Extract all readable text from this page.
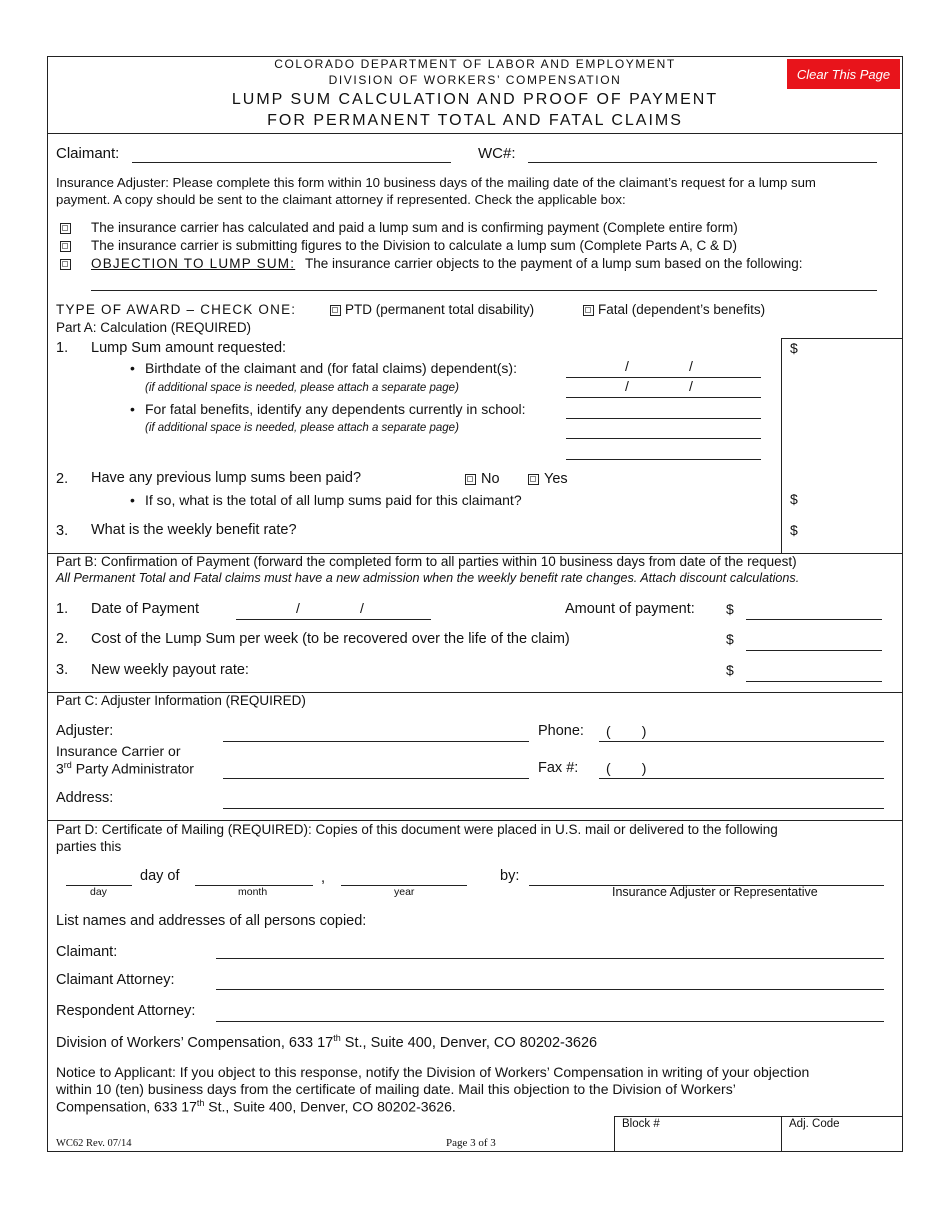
COLORADO DEPARTMENT OF LABOR AND EMPLOYMENT
DIVISION OF WORKERS’ COMPENSATION
LUMP SUM CALCULATION AND PROOF OF PAYMENT
FOR PERMANENT TOTAL AND FATAL CLAIMS
Clear This Page
Claimant:	WC#:
Insurance Adjuster: Please complete this form within 10 business days of the mailing date of the claimant’s request for a lump sum
payment. A copy should be sent to the claimant attorney if represented. Check the applicable box:
The insurance carrier has calculated and paid a lump sum and is confirming payment (Complete entire form)
The insurance carrier is submitting figures to the Division to calculate a lump sum (Complete Parts A, C & D)
OBJECTION TO LUMP SUM: The insurance carrier objects to the payment of a lump sum based on the following:
TYPE OF AWARD – CHECK ONE:	PTD (permanent total disability)	Fatal (dependent’s benefits)
Part A: Calculation (REQUIRED)
1. Lump Sum amount requested:	$
• Birthdate of the claimant and (for fatal claims) dependent(s):
(if additional space is needed, please attach a separate page)
/	/
/	/
• For fatal benefits, identify any dependents currently in school:
(if additional space is needed, please attach a separate page)
2. Have any previous lump sums been paid?	No	Yes
• If so, what is the total of all lump sums paid for this claimant?	$
3. What is the weekly benefit rate?	$
Part B: Confirmation of Payment (forward the completed form to all parties within 10 business days from date of the request)
All Permanent Total and Fatal claims must have a new admission when the weekly benefit rate changes. Attach discount calculations.
1. Date of Payment	/	/	Amount of payment: $
2. Cost of the Lump Sum per week (to be recovered over the life of the claim)	$
3. New weekly payout rate:	$
Part C: Adjuster Information (REQUIRED)
Adjuster:	Phone: (        )
Insurance Carrier or
3rd Party Administrator	Fax #: (        )
Address:
Part D: Certificate of Mailing (REQUIRED): Copies of this document were placed in U.S. mail or delivered to the following
parties this
day
day of
month
,
year
by:
Insurance Adjuster or Representative
List names and addresses of all persons copied:
Claimant:
Claimant Attorney:
Respondent Attorney:
Division of Workers’ Compensation, 633 17th St., Suite 400, Denver, CO 80202-3626
Notice to Applicant: If you object to this response, notify the Division of Workers’ Compensation in writing of your objection
within 10 (ten) business days from the certificate of mailing date. Mail this objection to the Division of Workers’
Compensation, 633 17th St., Suite 400, Denver, CO 80202-3626.
Block #	Adj. Code
WC62 Rev. 07/14	Page 3 of 3
